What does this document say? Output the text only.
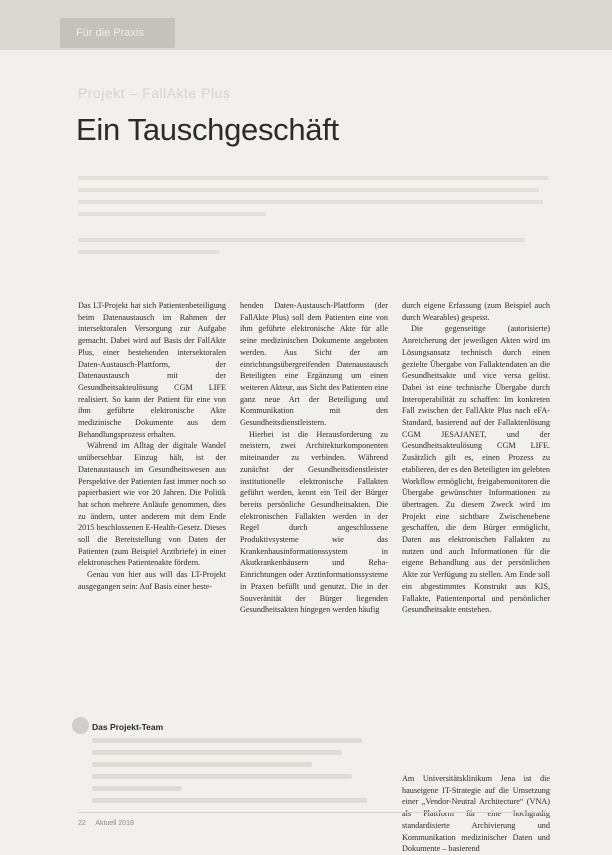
Für die Praxis
Projekt – FallAkte Plus
Ein Tauschgeschäft

Das LT-Projekt hat sich Patientenbeteiligung beim Datenaustausch im Rahmen der intersektoralen Versorgung zur Aufgabe gemacht. Dabei wird auf Basis der FallAkte Plus, einer bestehenden intersektoralen Daten-Austausch-Plattform, der Datenaustausch mit der Gesundheitsakteulösung CGM LIFE realisiert. So kann der Patient für eine von ihm geführte elektronische Akte medizinische Dokumente aus dem Behandlungsprozess erhalten.

Während im Alltag der digitale Wandel unübersehbar Einzug hält, ist der Datenaustausch im Gesundheitswesen aus Perspektive der Patienten fast immer noch so papierbasiert wie vor 20 Jahren. Die Politik hat schon mehrere Anläufe genommen, dies zu ändern, unter anderem mit dem Ende 2015 beschlossenen E-Health-Gesetz. Dieses soll die Bereitstellung von Daten der Patienten (zum Beispiel Arztbriefe) in einer elektronischen Patientenakte fördern.

Genau von hier aus will das LT-Projekt ausgegangen sein: Auf Basis einer beste-

henden Daten-Austausch-Plattform (der FallAkte Plus) soll dem Patienten eine von ihm geführte elektronische Akte für alle seine medizinischen Dokumente angeboten werden. Aus Sicht der am einrichtungsübergreifenden Datenaustausch Beteiligten eine Ergänzung um einen weiteren Akteur, aus Sicht des Patienten eine ganz neue Art der Beteiligung und Kommunikation mit den Gesundheitsdienstleistern.

Hierbei ist die Herausforderung zu meistern, zwei Architekturkomponenten miteinander zu verbinden. Während zunächst der Gesundheitsdienstleister institutionelle elektronische Fallakten geführt werden, kennt ein Teil der Bürger bereits persönliche Gesundheitsakten. Die elektronischen Fallakten werden in der Regel durch angeschlossene Produktivsysteme wie das Krankenhausinformationssystem in Akutkrankenhäusern und Reha-Einrichtungen oder Arztinformationssysteme in Praxen befüllt und genutzt. Die in der Souveränität der Bürger liegenden Gesundheitsakten hingegen werden häufig

durch eigene Erfassung (zum Beispiel auch durch Wearables) gespeist.

Die gegenseitige (autorisierte) Anreicherung der jeweiligen Akten wird im Lösungsansatz technisch durch einen gezielte Übergabe von Fallaktendaten an die Gesundheitsakte und vice versa gelöst. Dabei ist eine technische Übergabe durch Interoperabilität zu schaffen: Im konkreten Fall zwischen der FallAkte Plus nach eFA-Standard, basierend auf der Fallaktenlösung CGM JESAJANET, und der Gesundheitsakteulösung CGM LIFE. Zusätzlich gilt es, einen Prozess zu etablieren, der es den Beteiligten im gelebten Workflow ermöglicht, freigabemonitoren die Übergabe gewünschter Informationen zu übertragen. Zu diesem Zweck wird im Projekt eine sichtbare Zwischenebene geschaffen, die dem Bürger ermöglicht, Daten aus elektronischen Fallakten zu nutzen und auch Informationen für die eigene Behandlung aus der persönlichen Akte zur Verfügung zu stellen. Am Ende soll ein abgestimmtes Konstrukt aus KIS, Fallakte, Patientenportal und persönlicher Gesundheitsakte entstehen.

Am Universitätsklinikum Jena ist die hauseigene IT-Strategie auf die Umsetzung einer „Vendor-Neutral Architecture“ (VNA) als Plattform für eine hochgradig standardisierte Archivierung und Kommunikation medizinischer Daten und Dokumente – basierend

Das Projekt-Team
22 Aktuell 2018
